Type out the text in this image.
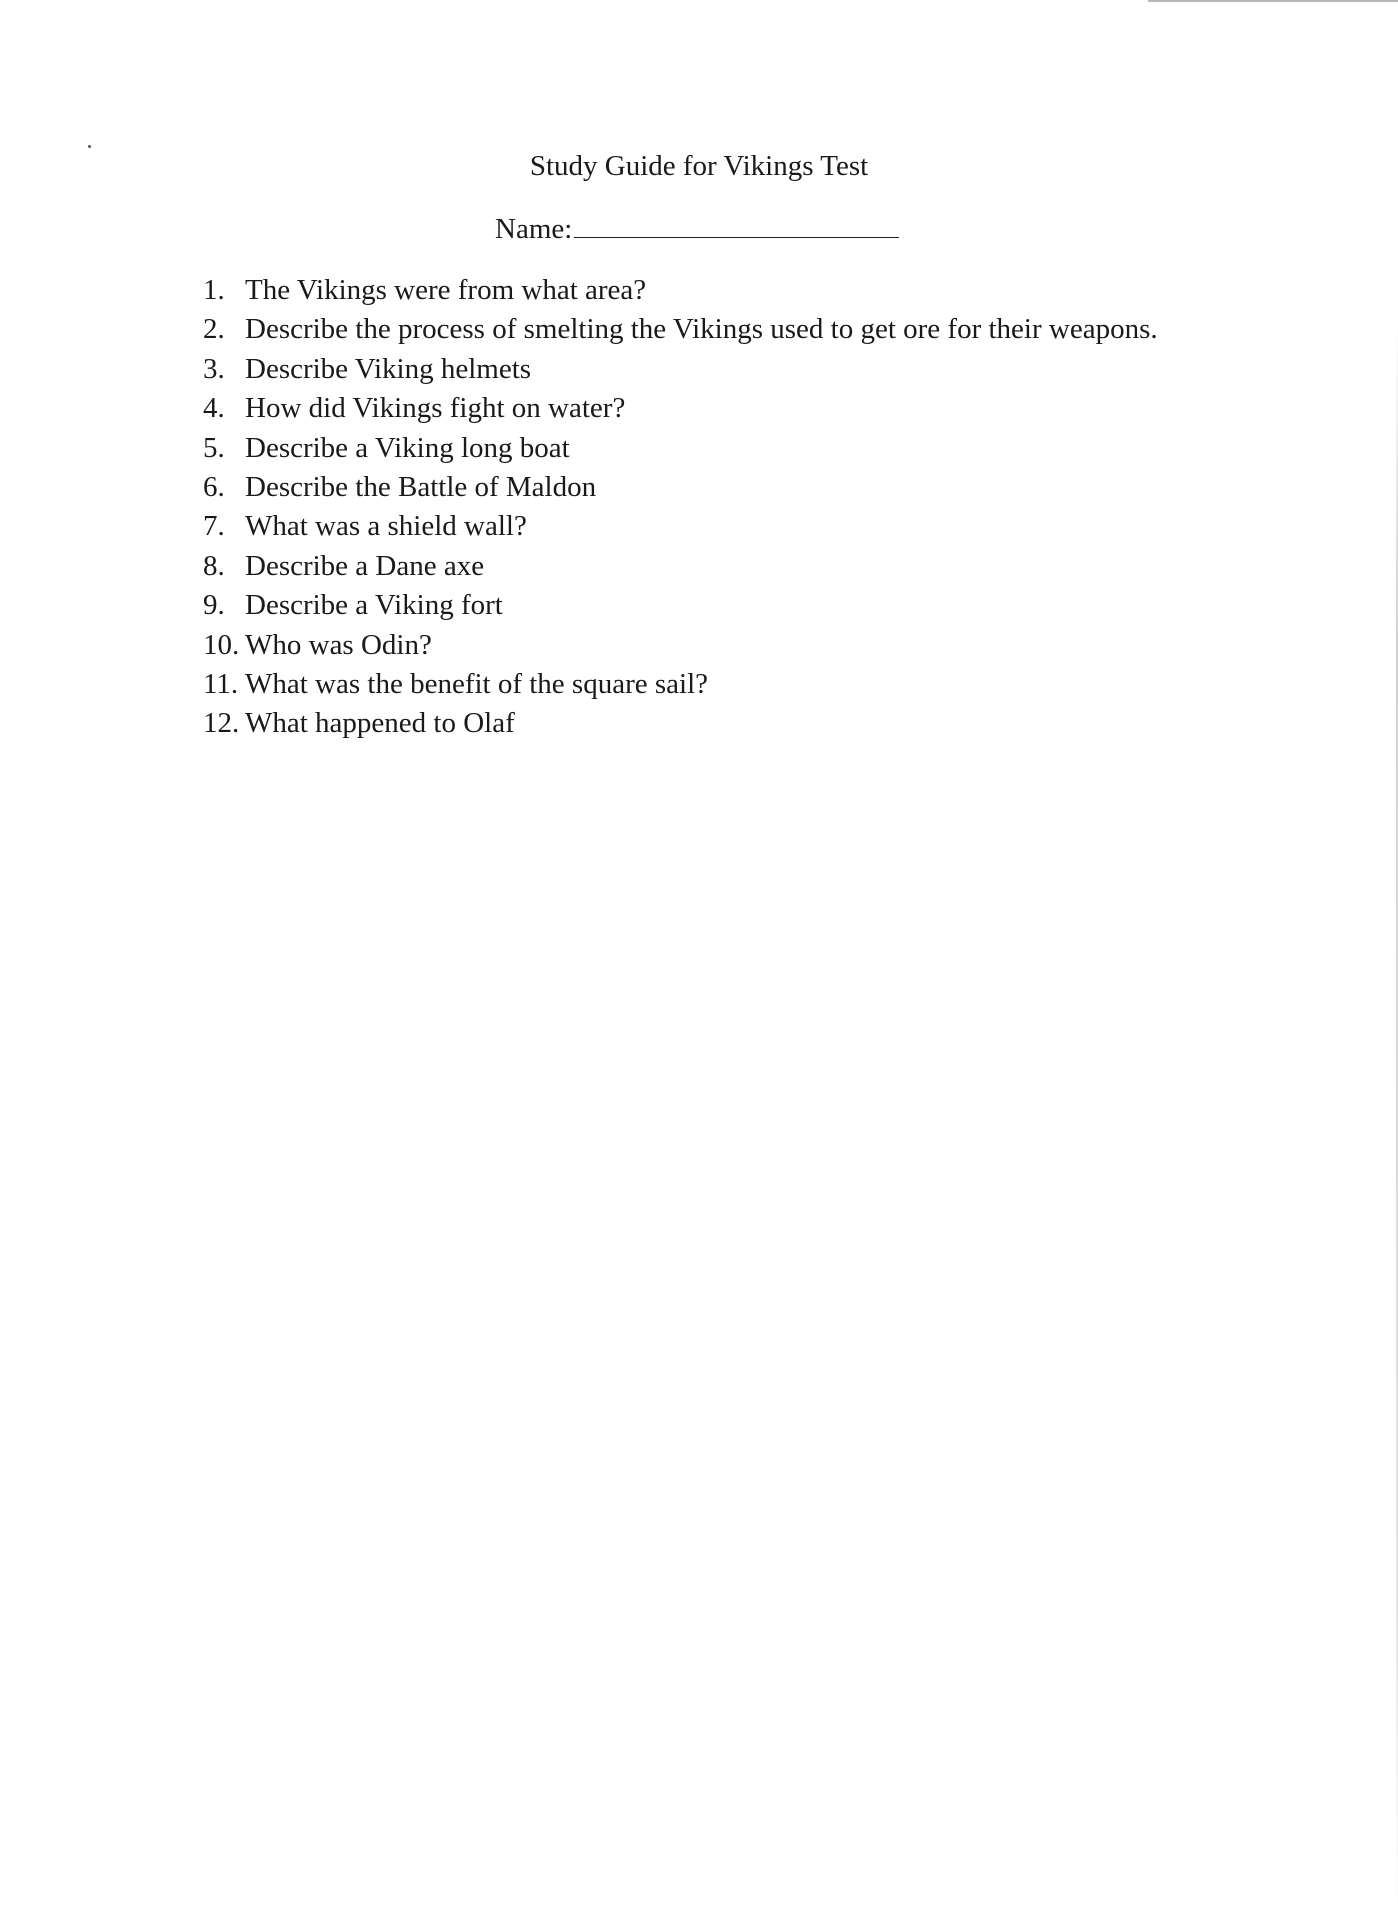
Study Guide for Vikings Test
Name:
1. The Vikings were from what area?
2. Describe the process of smelting the Vikings used to get ore for their weapons.
3. Describe Viking helmets
4. How did Vikings fight on water?
5. Describe a Viking long boat
6. Describe the Battle of Maldon
7. What was a shield wall?
8. Describe a Dane axe
9. Describe a Viking fort
10. Who was Odin?
11. What was the benefit of the square sail?
12. What happened to Olaf
